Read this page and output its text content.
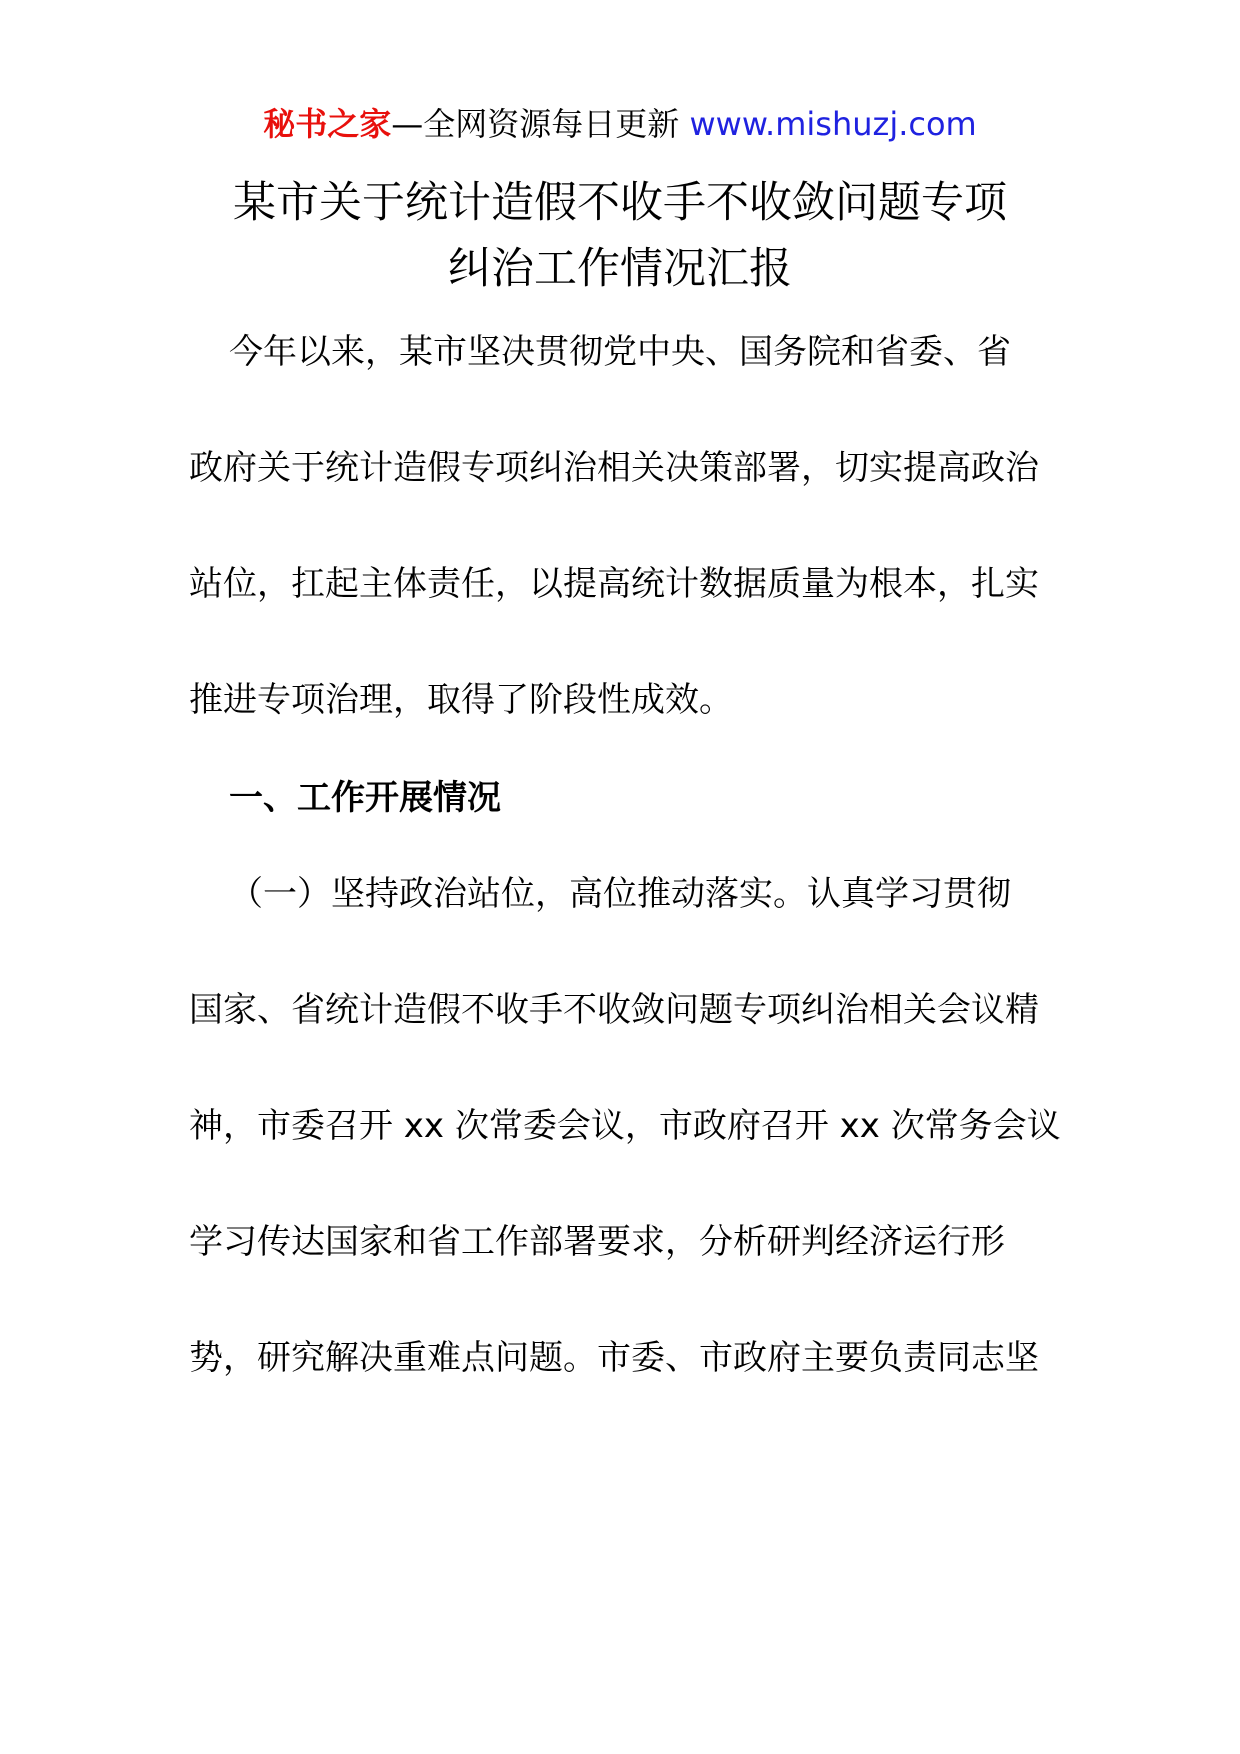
秘书之家—全网资源每日更新 www.mishuzj.com
某市关于统计造假不收手不收敛问题专项
纠治工作情况汇报
今年以来，某市坚决贯彻党中央、国务院和省委、省
政府关于统计造假专项纠治相关决策部署，切实提高政治
站位，扛起主体责任，以提高统计数据质量为根本，扎实
推进专项治理，取得了阶段性成效。
一、工作开展情况
（一）坚持政治站位，高位推动落实。认真学习贯彻
国家、省统计造假不收手不收敛问题专项纠治相关会议精
神，市委召开 xx 次常委会议，市政府召开 xx 次常务会议
学习传达国家和省工作部署要求，分析研判经济运行形
势，研究解决重难点问题。市委、市政府主要负责同志坚
